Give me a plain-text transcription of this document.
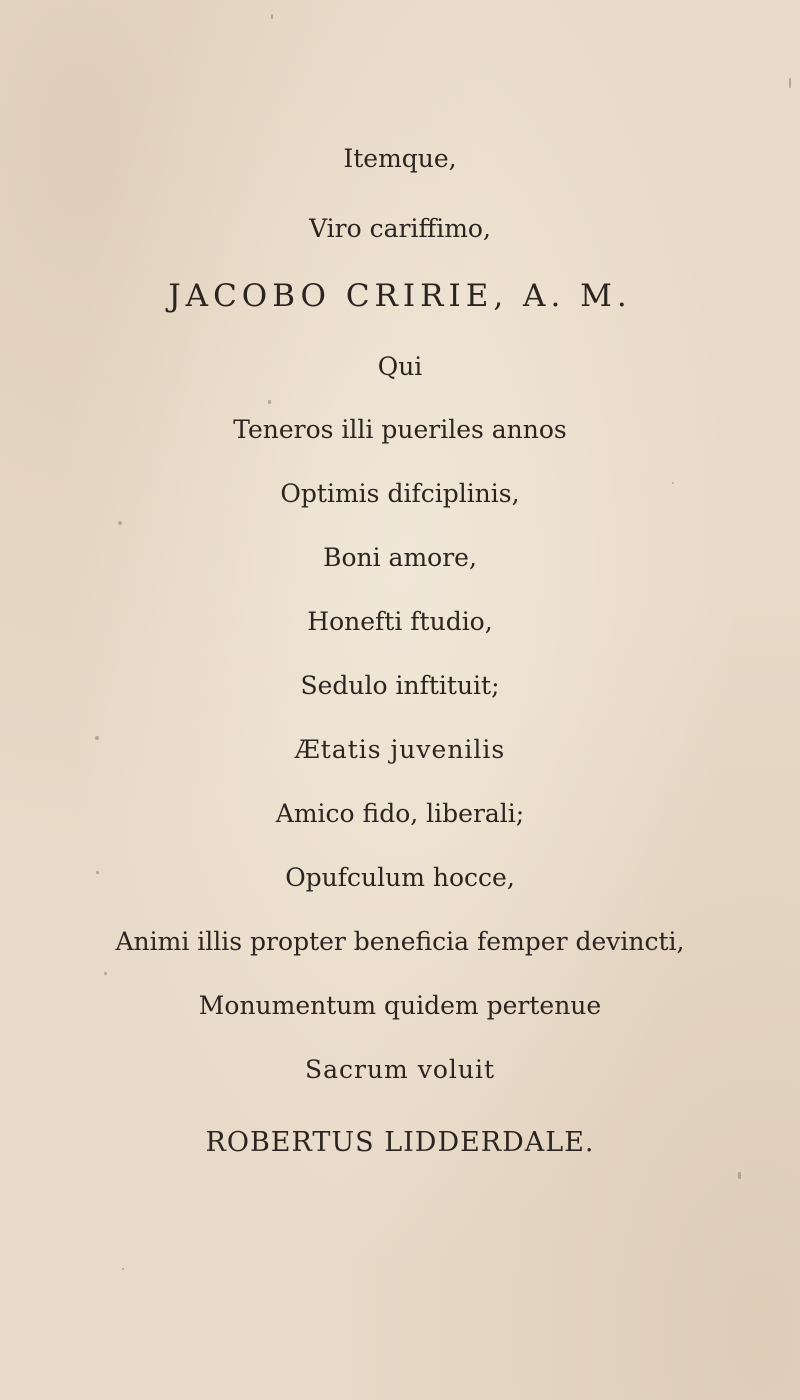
Itemque,
Viro cariffimo,
JACOBO CRIRIE, A. M.
Qui
Teneros illi pueriles annos
Optimis difciplinis,
Boni amore,
Honefti ftudio,
Sedulo inftituit;
Ætatis juvenilis
Amico fido, liberali;
Opufculum hocce,
Animi illis propter beneficia femper devincti,
Monumentum quidem pertenue
Sacrum voluit
ROBERTUS LIDDERDALE.
